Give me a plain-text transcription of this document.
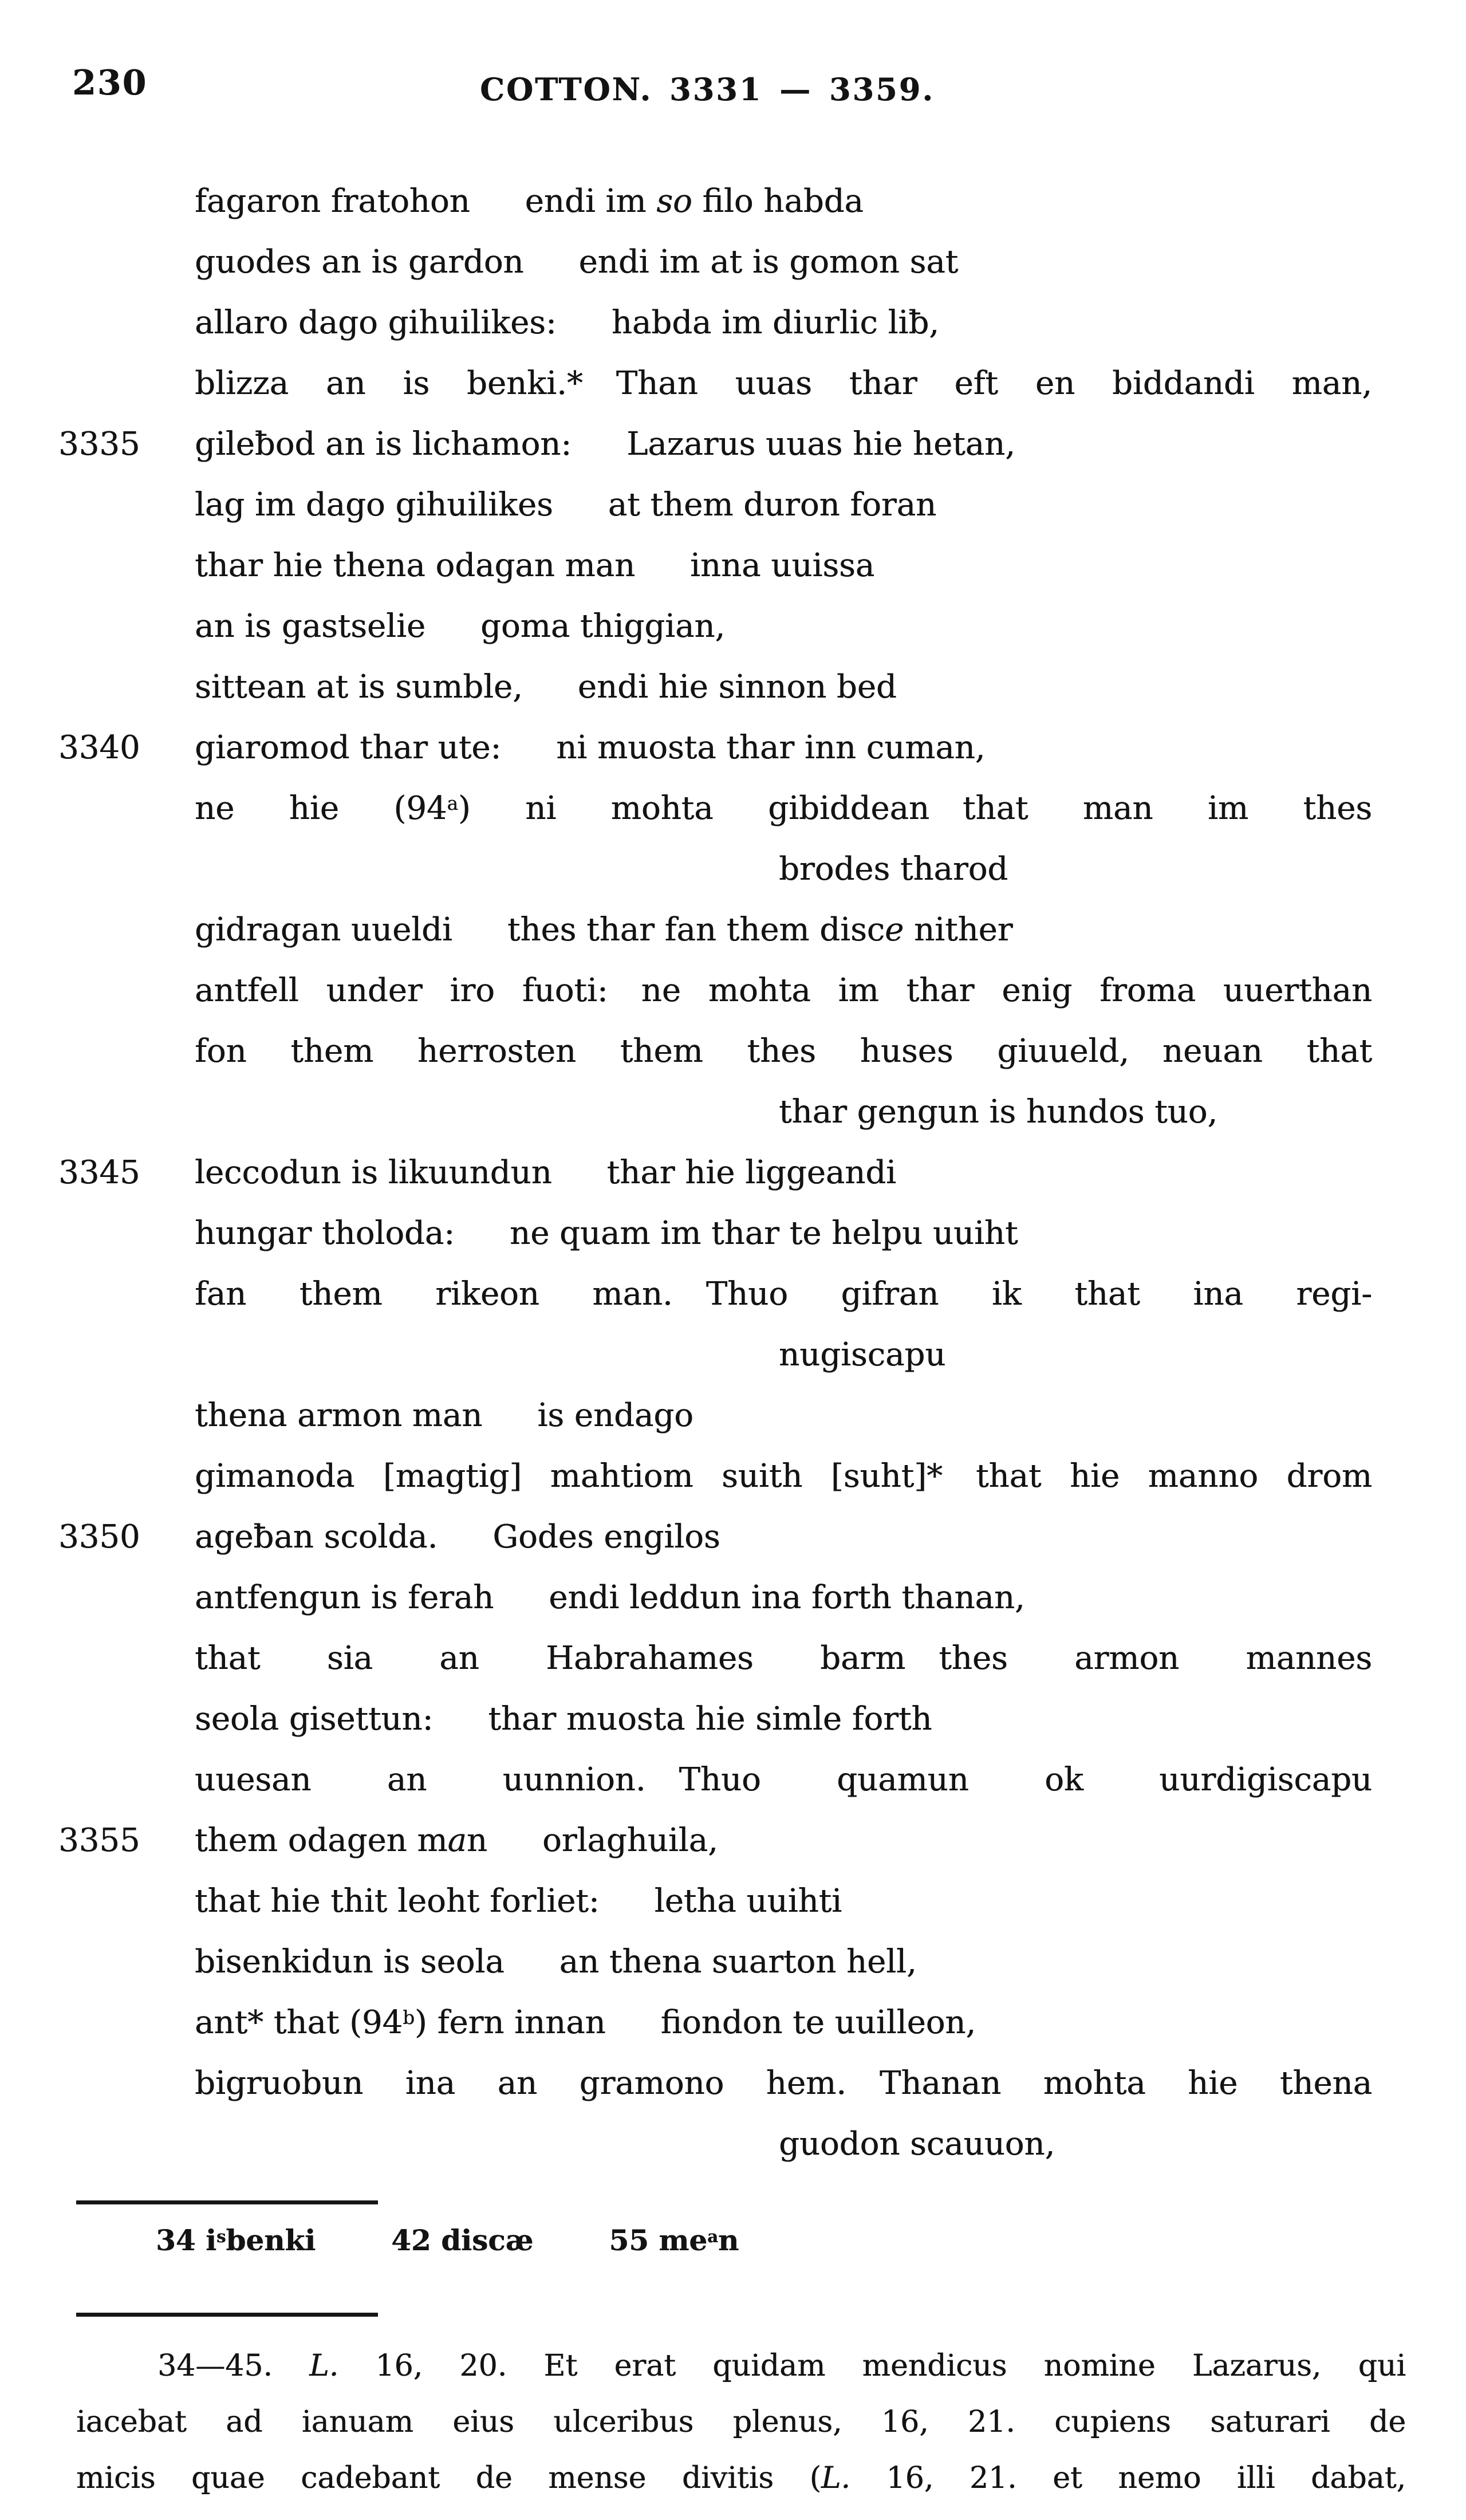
230	COTTON. 3331 — 3359.
fagaron fratohon endi im so filo habda
guodes an is gardon endi im at is gomon sat
allaro dago gihuilikes: habda im diurlic liƀ,
blizza an is benki.* Than uuas thar eft en biddandi man,
3335 gileƀod an is lichamon: Lazarus uuas hie hetan,
lag im dago gihuilikes at them duron foran
thar hie thena odagan man inna uuissa
an is gastselie goma thiggian,
sittean at is sumble, endi hie sinnon bed
3340 giaromod thar ute: ni muosta thar inn cuman,
ne hie (94$^a$) ni mohta gibiddean that man im thes
brodes tharod
gidragan uueldi thes thar fan them disce nither
antfell under iro fuoti: ne mohta im thar enig froma uuerthan
fon them herrosten them thes huses giuueld, neuan that
thar gengun is hundos tuo,
3345 leccodun is likuundun thar hie liggeandi
hungar tholoda: ne quam im thar te helpu uuiht
fan them rikeon man. Thuo gifran ik that ina regi-
nugiscapu
thena armon man is endago
gimanoda [magtig] mahtiom suith [suht]* that hie manno drom
3350 ageƀan scolda. Godes engilos
antfengun is ferah endi leddun ina forth thanan,
that sia an Habrahames barm thes armon mannes
seola gisettun: thar muosta hie simle forth
uuesan an uunnion. Thuo quamun ok uurdigiscapu
3355 them odagen man orlaghuila,
that hie thit leoht forliet: letha uuihti
bisenkidun is seola an thena suarton hell,
ant* that (94$^b$) fern innan fiondon te uuilleon,
bigruobun ina an gramono hem. Thanan mohta hie thena
guodon scauuon,
34 $i^sbenki$	42 discæ	55 $me^an$
34—45. L. 16, 20. Et erat quidam mendicus nomine Lazarus, qui
iacebat ad ianuam eius ulceribus plenus, 16, 21. cupiens saturari de
micis quae cadebant de mense divitis (L. 16, 21. et nemo illi dabat,
